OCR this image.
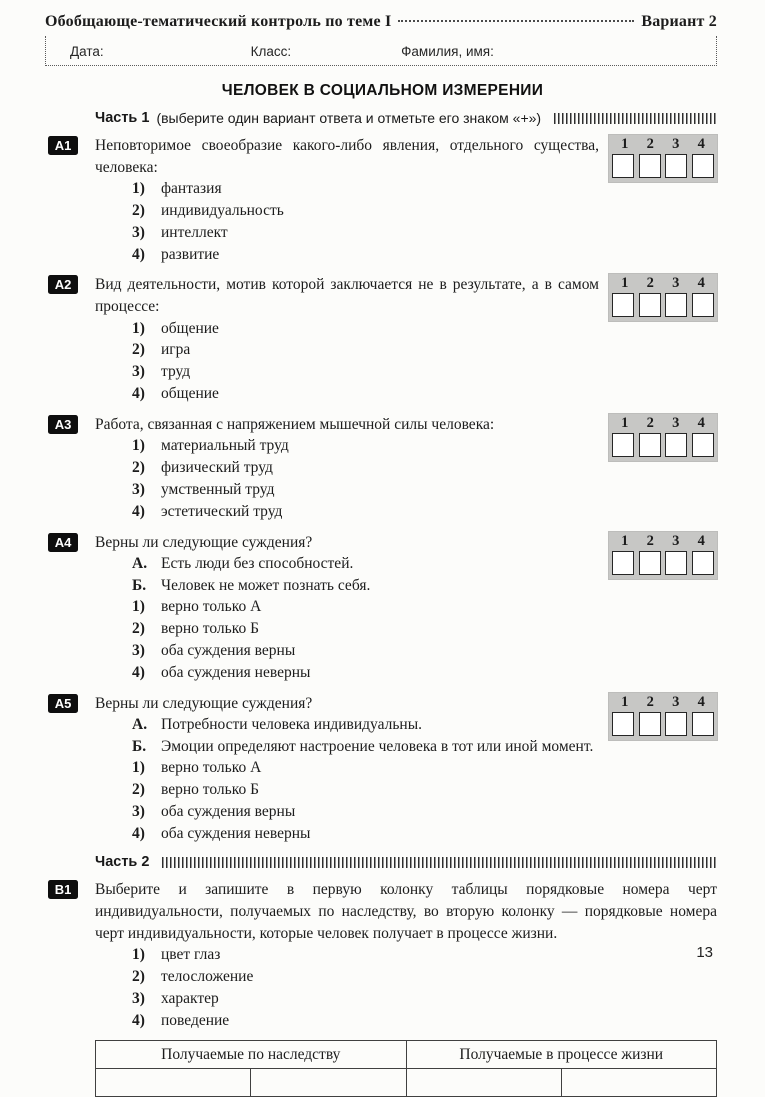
Обобщающе-тематический контроль по теме I	Вариант 2
Дата:	Класс:	Фамилия, имя:
ЧЕЛОВЕК В СОЦИАЛЬНОМ ИЗМЕРЕНИИ
Часть 1 (выберите один вариант ответа и отметьте его знаком «+»)
А1	1	2	3	4

Неповторимое своеобразие какого-либо явления, отдельного существа, человека:

1)	фантазия
2)	индивидуальность
3)	интеллект
4)	развитие
А2	1	2	3	4

Вид деятельности, мотив которой заключается не в результате, а в самом процессе:

1)	общение
2)	игра
3)	труд
4)	общение
А3	1	2	3	4

Работа, связанная с напряжением мышечной силы человека:

1)	материальный труд
2)	физический труд
3)	умственный труд
4)	эстетический труд
А4	1	2	3	4

Верны ли следующие суждения?

А. Есть люди без способностей.
Б. Человек не может познать себя.
1)	верно только А
2)	верно только Б
3)	оба суждения верны
4)	оба суждения неверны
А5	1	2	3	4

Верны ли следующие суждения?

А. Потребности человека индивидуальны.
Б. Эмоции определяют настроение человека в тот или иной момент.
1)	верно только А
2)	верно только Б
3)	оба суждения верны
4)	оба суждения неверны
Часть 2
В1	Выберите и запишите в первую колонку таблицы порядковые номера черт индивидуальности, получаемых по наследству, во вторую колонку — порядковые номера черт индивидуальности, которые человек получает в процессе жизни.

1)	цвет глаз
2)	телосложение
3)	характер
4)	поведение
Получаемые по наследству		Получаемые в процессе жизни	

13
